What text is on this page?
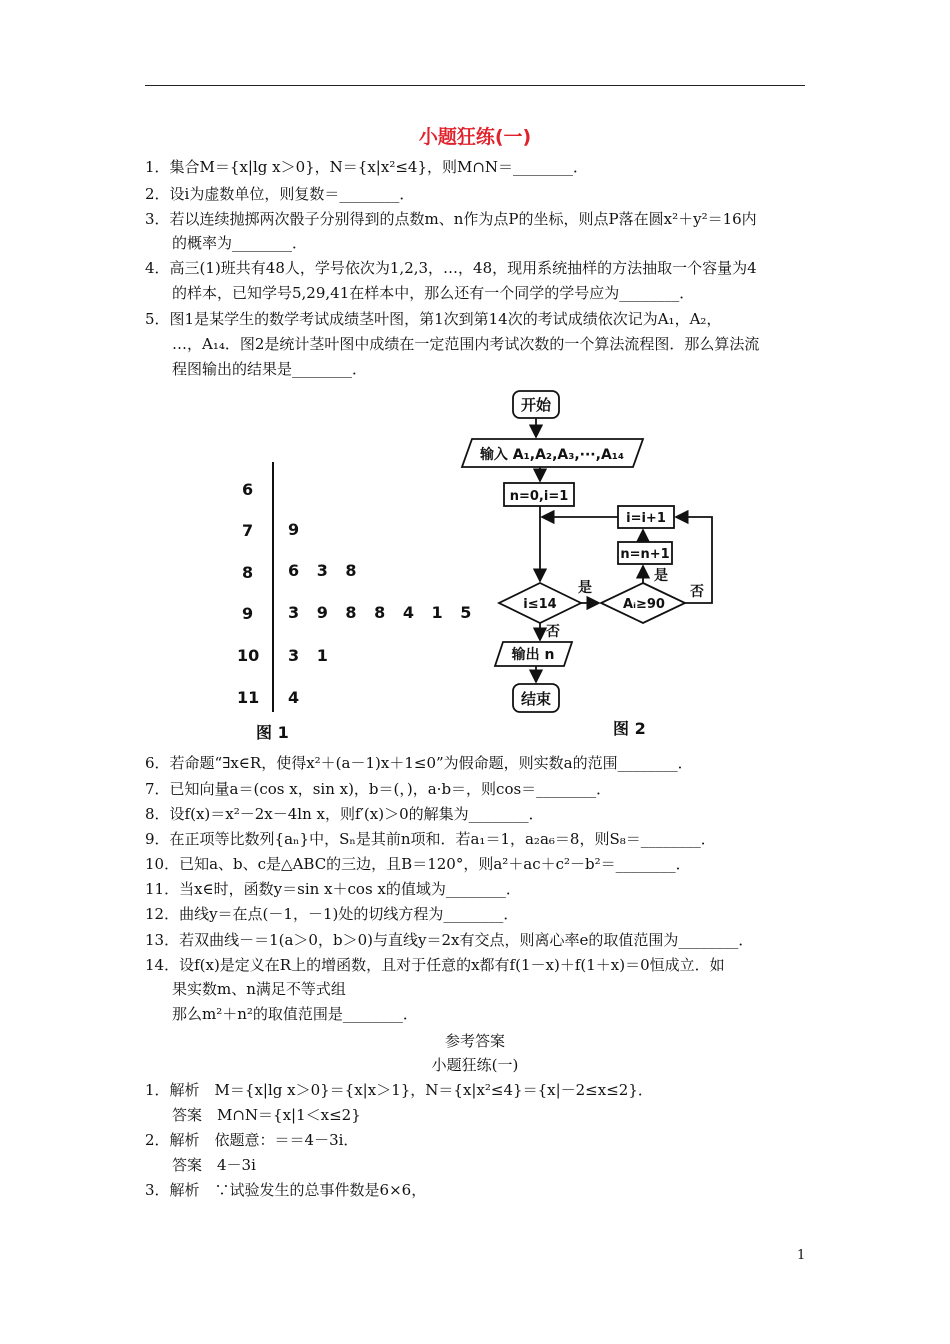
小题狂练(一)
1．集合M＝{x|lg x＞0}，N＝{x|x²≤4}，则M∩N＝________．
2．设i为虚数单位，则复数＝________．
3．若以连续抛掷两次骰子分别得到的点数m、n作为点P的坐标，则点P落在圆x²＋y²＝16内
的概率为________．
4．高三(1)班共有48人，学号依次为1,2,3，…，48，现用系统抽样的方法抽取一个容量为4
的样本，已知学号5,29,41在样本中，那么还有一个同学的学号应为________．
5．图1是某学生的数学考试成绩茎叶图，第1次到第14次的考试成绩依次记为A₁，A₂，
…，A₁₄．图2是统计茎叶图中成绩在一定范围内考试次数的一个算法流程图．那么算法流
程图输出的结果是________．
6
7
8
9
10
11
9
6 3 8
3 9 8 8 4 1 5
3 1
4
图 1
开始
输入 A₁,A₂,A₃,···,A₁₄
n=0,i=1
i≤14	Aᵢ≥90
n=n+1
i=i+1
是
是
否
否
输出 n
结束
图 2
6．若命题“∃x∈R，使得x²＋(a－1)x＋1≤0”为假命题，则实数a的范围________．
7．已知向量a＝(cos x，sin x)，b＝(，)，a·b＝，则cos＝________．
8．设f(x)＝x²－2x－4ln x，则f′(x)＞0的解集为________．
9．在正项等比数列{aₙ}中，Sₙ是其前n项和．若a₁＝1，a₂a₆＝8，则S₈＝________．
10．已知a、b、c是△ABC的三边，且B＝120°，则a²＋ac＋c²－b²＝________．
11．当x∈时，函数y＝sin x＋cos x的值域为________．
12．曲线y＝在点(－1，－1)处的切线方程为________．
13．若双曲线－＝1(a＞0，b＞0)与直线y＝2x有交点，则离心率e的取值范围为________．
14．设f(x)是定义在R上的增函数，且对于任意的x都有f(1－x)＋f(1＋x)＝0恒成立．如
果实数m、n满足不等式组
那么m²＋n²的取值范围是________．
参考答案
小题狂练(一)
1．解析　M＝{x|lg x＞0}＝{x|x＞1}，N＝{x|x²≤4}＝{x|－2≤x≤2}．
答案　M∩N＝{x|1＜x≤2}
2．解析　依题意：＝＝4－3i．
答案　4－3i
3．解析　∵试验发生的总事件数是6×6，
1
